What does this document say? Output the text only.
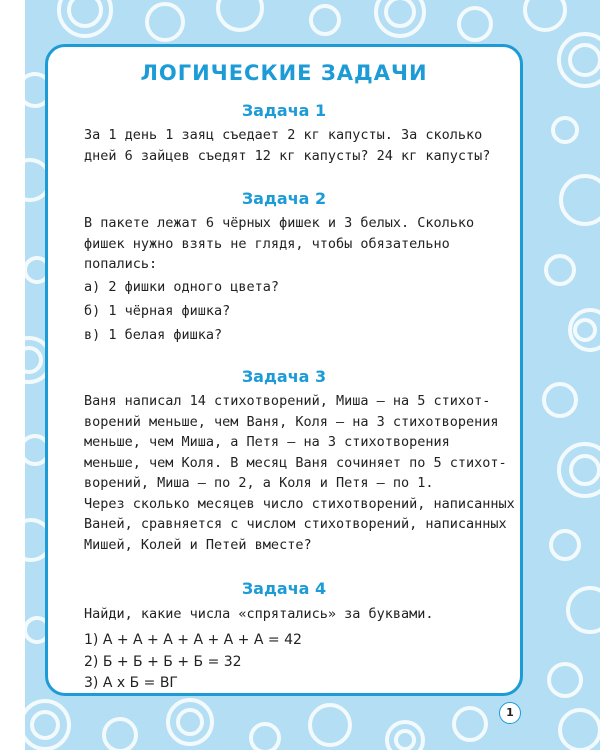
ЛОГИЧЕСКИЕ ЗАДАЧИ
Задача 1
За 1 день 1 заяц съедает 2 кг капусты. За сколько
дней 6 зайцев съедят 12 кг капусты? 24 кг капусты?
Задача 2
В пакете лежат 6 чёрных фишек и 3 белых. Сколько
фишек нужно взять не глядя, чтобы обязательно
попались:
а) 2 фишки одного цвета?
б) 1 чёрная фишка?
в) 1 белая фишка?
Задача 3
Ваня написал 14 стихотворений, Миша — на 5 стихот-
ворений меньше, чем Ваня, Коля — на 3 стихотворения
меньше, чем Миша, а Петя — на 3 стихотворения
меньше, чем Коля. В месяц Ваня сочиняет по 5 стихот-
ворений, Миша — по 2, а Коля и Петя — по 1.
Через сколько месяцев число стихотворений, написанных
Ваней, сравняется с числом стихотворений, написанных
Мишей, Колей и Петей вместе?
Задача 4
Найди, какие числа «спрятались» за буквами.
1) А + А + А + А + А + А = 42
2) Б + Б + Б + Б = 32
3) А х Б = ВГ
1
